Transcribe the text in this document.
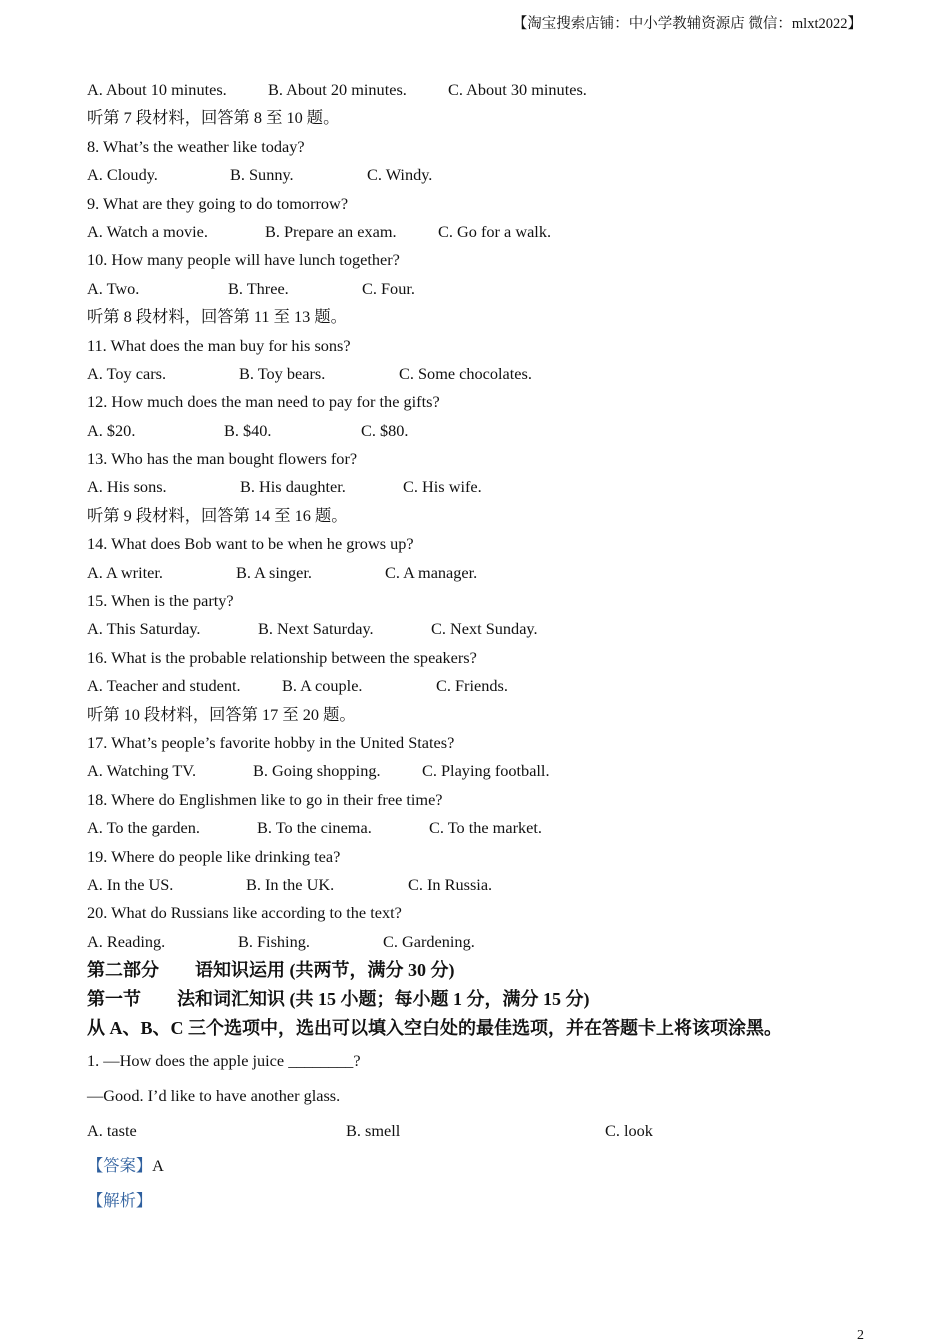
【淘宝搜索店铺：中小学教辅资源店 微信：mlxt2022】
A. About 10 minutes.	B. About 20 minutes.	C. About 30 minutes.
听第 7 段材料，回答第 8 至 10 题。
8. What’s the weather like today?
A. Cloudy.	B. Sunny.	C. Windy.
9. What are they going to do tomorrow?
A. Watch a movie.	B. Prepare an exam.	C. Go for a walk.
10. How many people will have lunch together?
A. Two.	B. Three.	C. Four.
听第 8 段材料，回答第 11 至 13 题。
11. What does the man buy for his sons?
A. Toy cars.	B. Toy bears.	C. Some chocolates.
12. How much does the man need to pay for the gifts?
A. $20.	B. $40.	C. $80.
13. Who has the man bought flowers for?
A. His sons.	B. His daughter.	C. His wife.
听第 9 段材料，回答第 14 至 16 题。
14. What does Bob want to be when he grows up?
A. A writer.	B. A singer.	C. A manager.
15. When is the party?
A. This Saturday.	B. Next Saturday.	C. Next Sunday.
16. What is the probable relationship between the speakers?
A. Teacher and student.	B. A couple.	C. Friends.
听第 10 段材料，回答第 17 至 20 题。
17. What’s people’s favorite hobby in the United States?
A. Watching TV.	B. Going shopping.	C. Playing football.
18. Where do Englishmen like to go in their free time?
A. To the garden.	B. To the cinema.	C. To the market.
19. Where do people like drinking tea?
A. In the US.	B. In the UK.	C. In Russia.
20. What do Russians like according to the text?
A. Reading.	B. Fishing.	C. Gardening.
第二部分        语知识运用 (共两节，满分 30 分)
第一节        法和词汇知识 (共 15 小题；每小题 1 分，满分 15 分)
从 A、B、C 三个选项中，选出可以填入空白处的最佳选项，并在答题卡上将该项涂黑。
1. —How does the apple juice ________?
—Good. I’d like to have another glass.
A. taste	B. smell	C. look
【答案】A
【解析】
2
